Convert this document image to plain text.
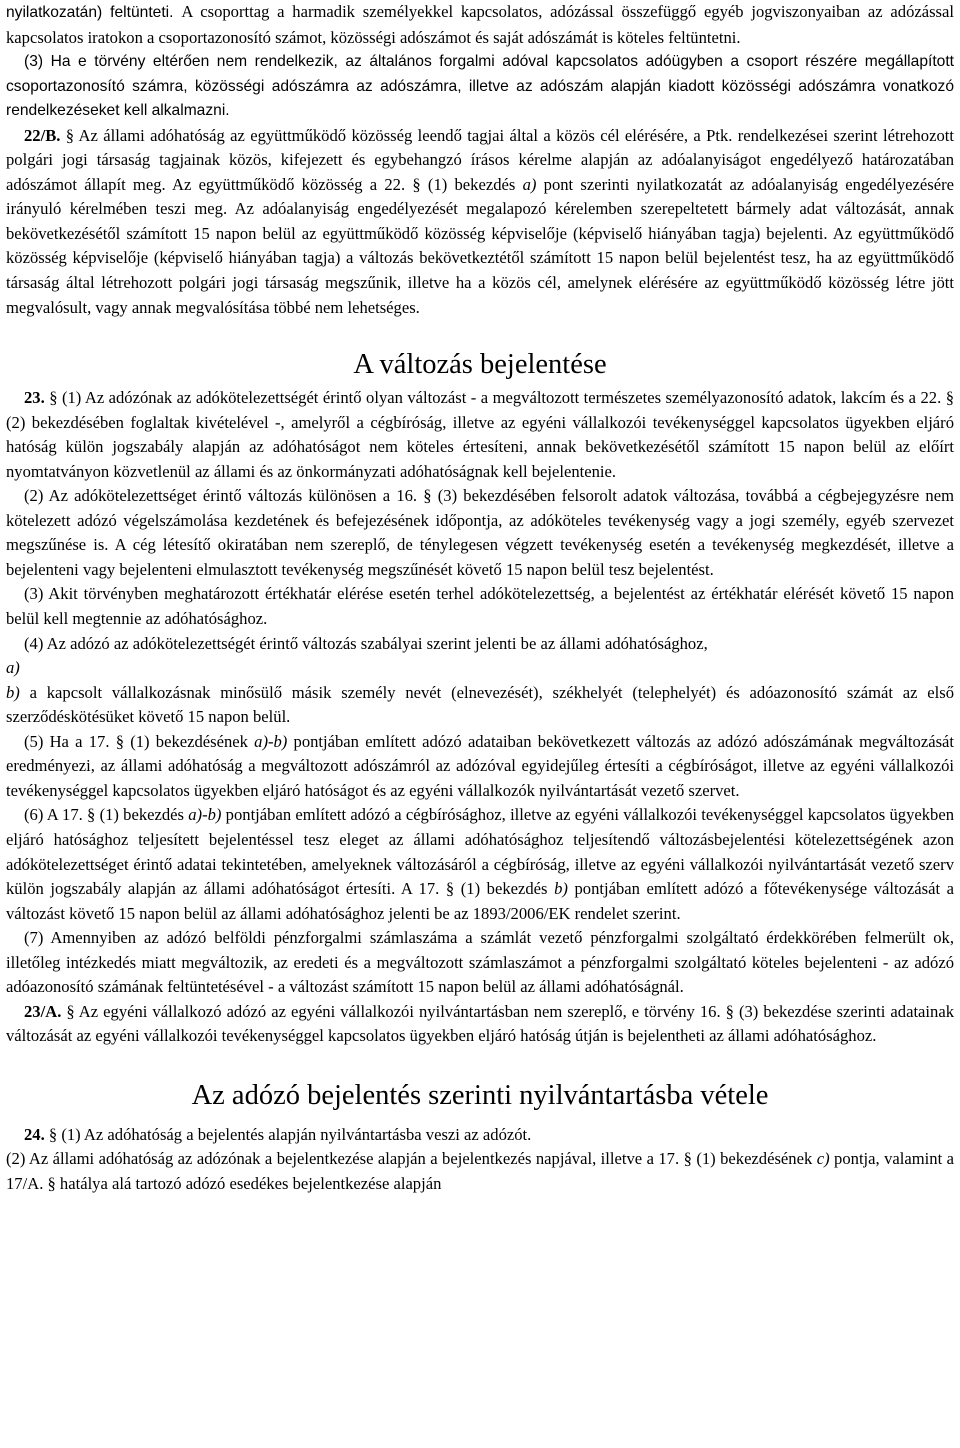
nyilatkozatán) feltünteti. A csoporttag a harmadik személyekkel kapcsolatos, adózással összefüggő egyéb jogviszonyaiban az adózással kapcsolatos iratokon a csoportazonosító számot, közösségi adószámot és saját adószámát is köteles feltüntetni.

(3) Ha e törvény eltérően nem rendelkezik, az általános forgalmi adóval kapcsolatos adóügyben a csoport részére megállapított csoportazonosító számra, közösségi adószámra az adószámra, illetve az adószám alapján kiadott közösségi adószámra vonatkozó rendelkezéseket kell alkalmazni.

22/B. § Az állami adóhatóság az együttműködő közösség leendő tagjai által a közös cél elérésére, a Ptk. rendelkezései szerint létrehozott polgári jogi társaság tagjainak közös, kifejezett és egybehangzó írásos kérelme alapján az adóalanyiságot engedélyező határozatában adószámot állapít meg. Az együttműködő közösség a 22. § (1) bekezdés a) pont szerinti nyilatkozatát az adóalanyiság engedélyezésére irányuló kérelmében teszi meg. Az adóalanyiság engedélyezését megalapozó kérelemben szerepeltetett bármely adat változását, annak bekövetkezésétől számított 15 napon belül az együttműködő közösség képviselője (képviselő hiányában tagja) bejelenti. Az együttműködő közösség képviselője (képviselő hiányában tagja) a változás bekövetkeztétől számított 15 napon belül bejelentést tesz, ha az együttműködő társaság által létrehozott polgári jogi társaság megszűnik, illetve ha a közös cél, amelynek elérésére az együttműködő közösség létre jött megvalósult, vagy annak megvalósítása többé nem lehetséges.

A változás bejelentése

23. § (1) Az adózónak az adókötelezettségét érintő olyan változást - a megváltozott természetes személyazonosító adatok, lakcím és a 22. § (2) bekezdésében foglaltak kivételével -, amelyről a cégbíróság, illetve az egyéni vállalkozói tevékenységgel kapcsolatos ügyekben eljáró hatóság külön jogszabály alapján az adóhatóságot nem köteles értesíteni, annak bekövetkezésétől számított 15 napon belül az előírt nyomtatványon közvetlenül az állami és az önkormányzati adóhatóságnak kell bejelentenie.

(2) Az adókötelezettséget érintő változás különösen a 16. § (3) bekezdésében felsorolt adatok változása, továbbá a cégbejegyzésre nem kötelezett adózó végelszámolása kezdetének és befejezésének időpontja, az adóköteles tevékenység vagy a jogi személy, egyéb szervezet megszűnése is. A cég létesítő okiratában nem szereplő, de ténylegesen végzett tevékenység esetén a tevékenység megkezdését, illetve a bejelenteni vagy bejelenteni elmulasztott tevékenység megszűnését követő 15 napon belül tesz bejelentést.

(3) Akit törvényben meghatározott értékhatár elérése esetén terhel adókötelezettség, a bejelentést az értékhatár elérését követő 15 napon belül kell megtennie az adóhatósághoz.

(4) Az adózó az adókötelezettségét érintő változás szabályai szerint jelenti be az állami adóhatósághoz,

a)

b) a kapcsolt vállalkozásnak minősülő másik személy nevét (elnevezését), székhelyét (telephelyét) és adóazonosító számát az első szerződéskötésüket követő 15 napon belül.

(5) Ha a 17. § (1) bekezdésének a)-b) pontjában említett adózó adataiban bekövetkezett változás az adózó adószámának megváltozását eredményezi, az állami adóhatóság a megváltozott adószámról az adózóval egyidejűleg értesíti a cégbíróságot, illetve az egyéni vállalkozói tevékenységgel kapcsolatos ügyekben eljáró hatóságot és az egyéni vállalkozók nyilvántartását vezető szervet.

(6) A 17. § (1) bekezdés a)-b) pontjában említett adózó a cégbírósághoz, illetve az egyéni vállalkozói tevékenységgel kapcsolatos ügyekben eljáró hatósághoz teljesített bejelentéssel tesz eleget az állami adóhatósághoz teljesítendő változásbejelentési kötelezettségének azon adókötelezettséget érintő adatai tekintetében, amelyeknek változásáról a cégbíróság, illetve az egyéni vállalkozói nyilvántartását vezető szerv külön jogszabály alapján az állami adóhatóságot értesíti. A 17. § (1) bekezdés b) pontjában említett adózó a főtevékenysége változását a változást követő 15 napon belül az állami adóhatósághoz jelenti be az 1893/2006/EK rendelet szerint.

(7) Amennyiben az adózó belföldi pénzforgalmi számlaszáma a számlát vezető pénzforgalmi szolgáltató érdekkörében felmerült ok, illetőleg intézkedés miatt megváltozik, az eredeti és a megváltozott számlaszámot a pénzforgalmi szolgáltató köteles bejelenteni - az adózó adóazonosító számának feltüntetésével - a változást számított 15 napon belül az állami adóhatóságnál.

23/A. § Az egyéni vállalkozó adózó az egyéni vállalkozói nyilvántartásban nem szereplő, e törvény 16. § (3) bekezdése szerinti adatainak változását az egyéni vállalkozói tevékenységgel kapcsolatos ügyekben eljáró hatóság útján is bejelentheti az állami adóhatósághoz.

Az adózó bejelentés szerinti nyilvántartásba vétele

24. § (1) Az adóhatóság a bejelentés alapján nyilvántartásba veszi az adózót.

(2) Az állami adóhatóság az adózónak a bejelentkezése alapján a bejelentkezés napjával, illetve a 17. § (1) bekezdésének c) pontja, valamint a 17/A. § hatálya alá tartozó adózó esedékes bejelentkezése alapján
